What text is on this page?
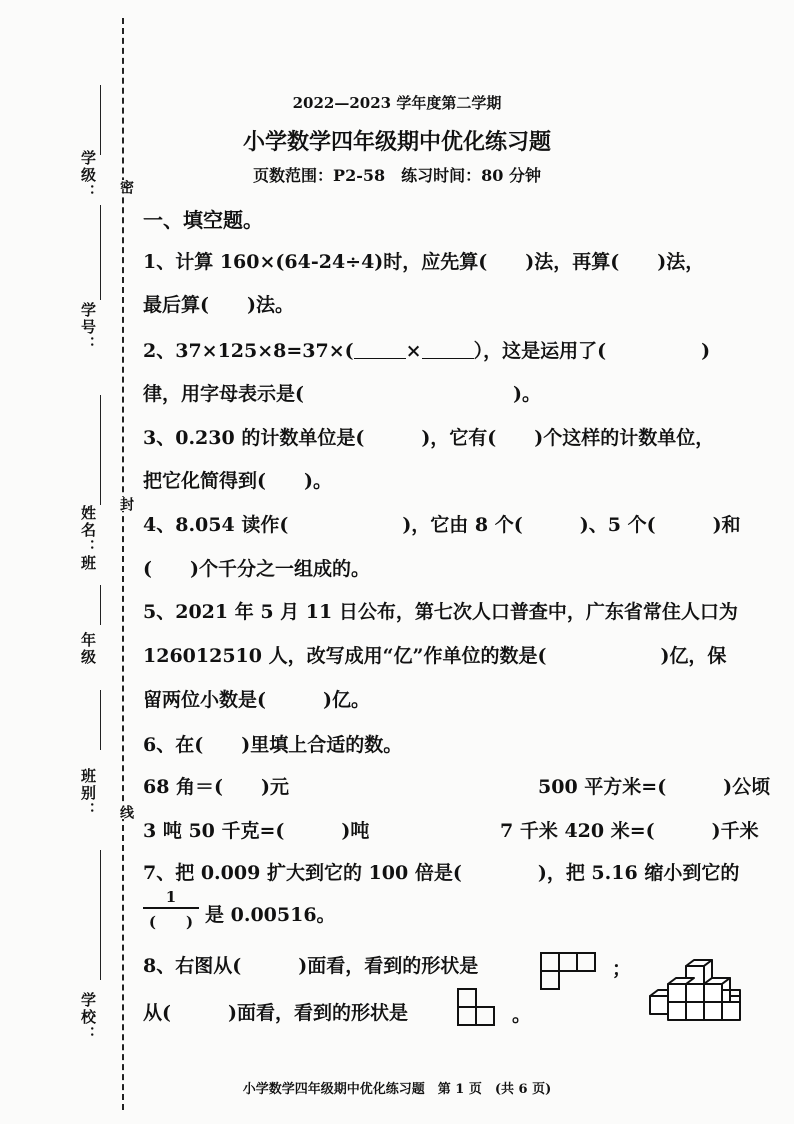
学级：
学号：
姓名：
班
年级
班别：
学校：
密
封
线
2022—2023 学年度第二学期
小学数学四年级期中优化练习题
页数范围：P2-58　练习时间：80 分钟
一、填空题。
1、计算 160×(64-24÷4)时，应先算(　　)法，再算(　　)法，
最后算(　　)法。
2、37×125×8=37×(	×	），这是运用了(　　　　　)
律，用字母表示是(　　　　　　　　　　　)。
3、0.230 的计数单位是(　　　)，它有(　　)个这样的计数单位，
把它化简得到(　　)。
4、8.054 读作(　　　　　　)，它由 8 个(　　　)、5 个(　　　)和
(　　)个千分之一组成的。
5、2021 年 5 月 11 日公布，第七次人口普查中，广东省常住人口为
126012510 人，改写成用“亿”作单位的数是(　　　　　　)亿，保
留两位小数是(　　　)亿。
6、在(　　)里填上合适的数。
68 角＝(　　)元	500 平方米=(　　　)公顷
3 吨 50 千克=(　　　)吨	7 千米 420 米=(　　　)千米
7、把 0.009 扩大到它的 100 倍是(　　　　)，把 5.16 缩小到它的
1
(　　) 是 0.00516。
8、右图从(　　　)面看，看到的形状是	；
从(　　　)面看，看到的形状是	。
小学数学四年级期中优化练习题　第 1 页　(共 6 页)
